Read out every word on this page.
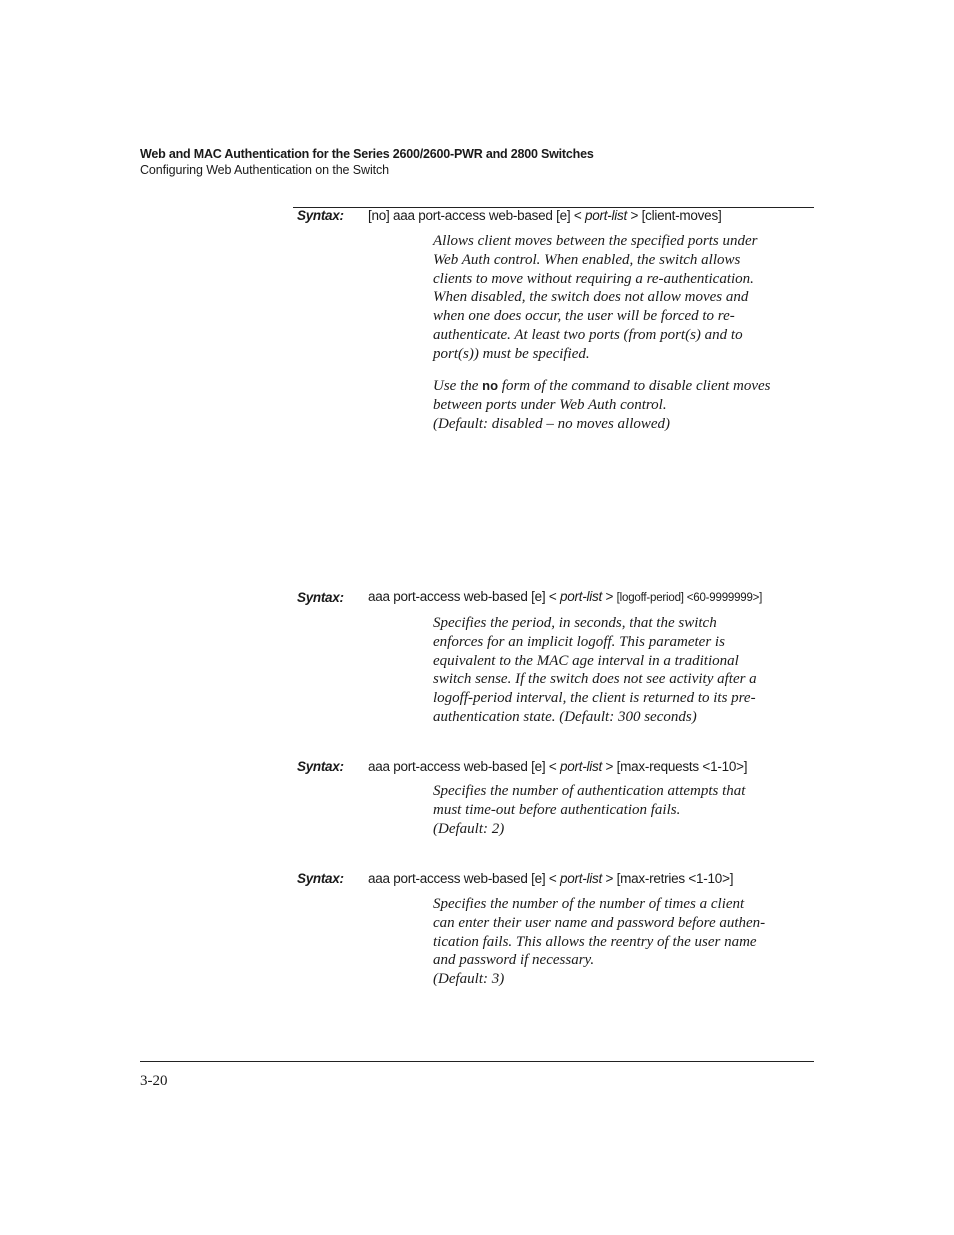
Web and MAC Authentication for the Series 2600/2600-PWR and 2800 Switches
Configuring Web Authentication on the Switch
Syntax: [no] aaa port-access web-based [e] < port-list > [client-moves]
Allows client moves between the specified ports under
Web Auth control. When enabled, the switch allows
clients to move without requiring a re-authentication.
When disabled, the switch does not allow moves and
when one does occur, the user will be forced to re-
authenticate. At least two ports (from port(s) and to
port(s)) must be specified.
Use the no form of the command to disable client moves
between ports under Web Auth control.
(Default: disabled – no moves allowed)
Syntax: aaa port-access web-based [e] < port-list > [logoff-period] <60-9999999>]
Specifies the period, in seconds, that the switch
enforces for an implicit logoff. This parameter is
equivalent to the MAC age interval in a traditional
switch sense. If the switch does not see activity after a
logoff-period interval, the client is returned to its pre-
authentication state. (Default: 300 seconds)
Syntax: aaa port-access web-based [e] < port-list > [max-requests <1-10>]
Specifies the number of authentication attempts that
must time-out before authentication fails.
(Default: 2)
Syntax: aaa port-access web-based [e] < port-list > [max-retries <1-10>]
Specifies the number of the number of times a client
can enter their user name and password before authen-
tication fails. This allows the reentry of the user name
and password if necessary.
(Default: 3)
3-20
